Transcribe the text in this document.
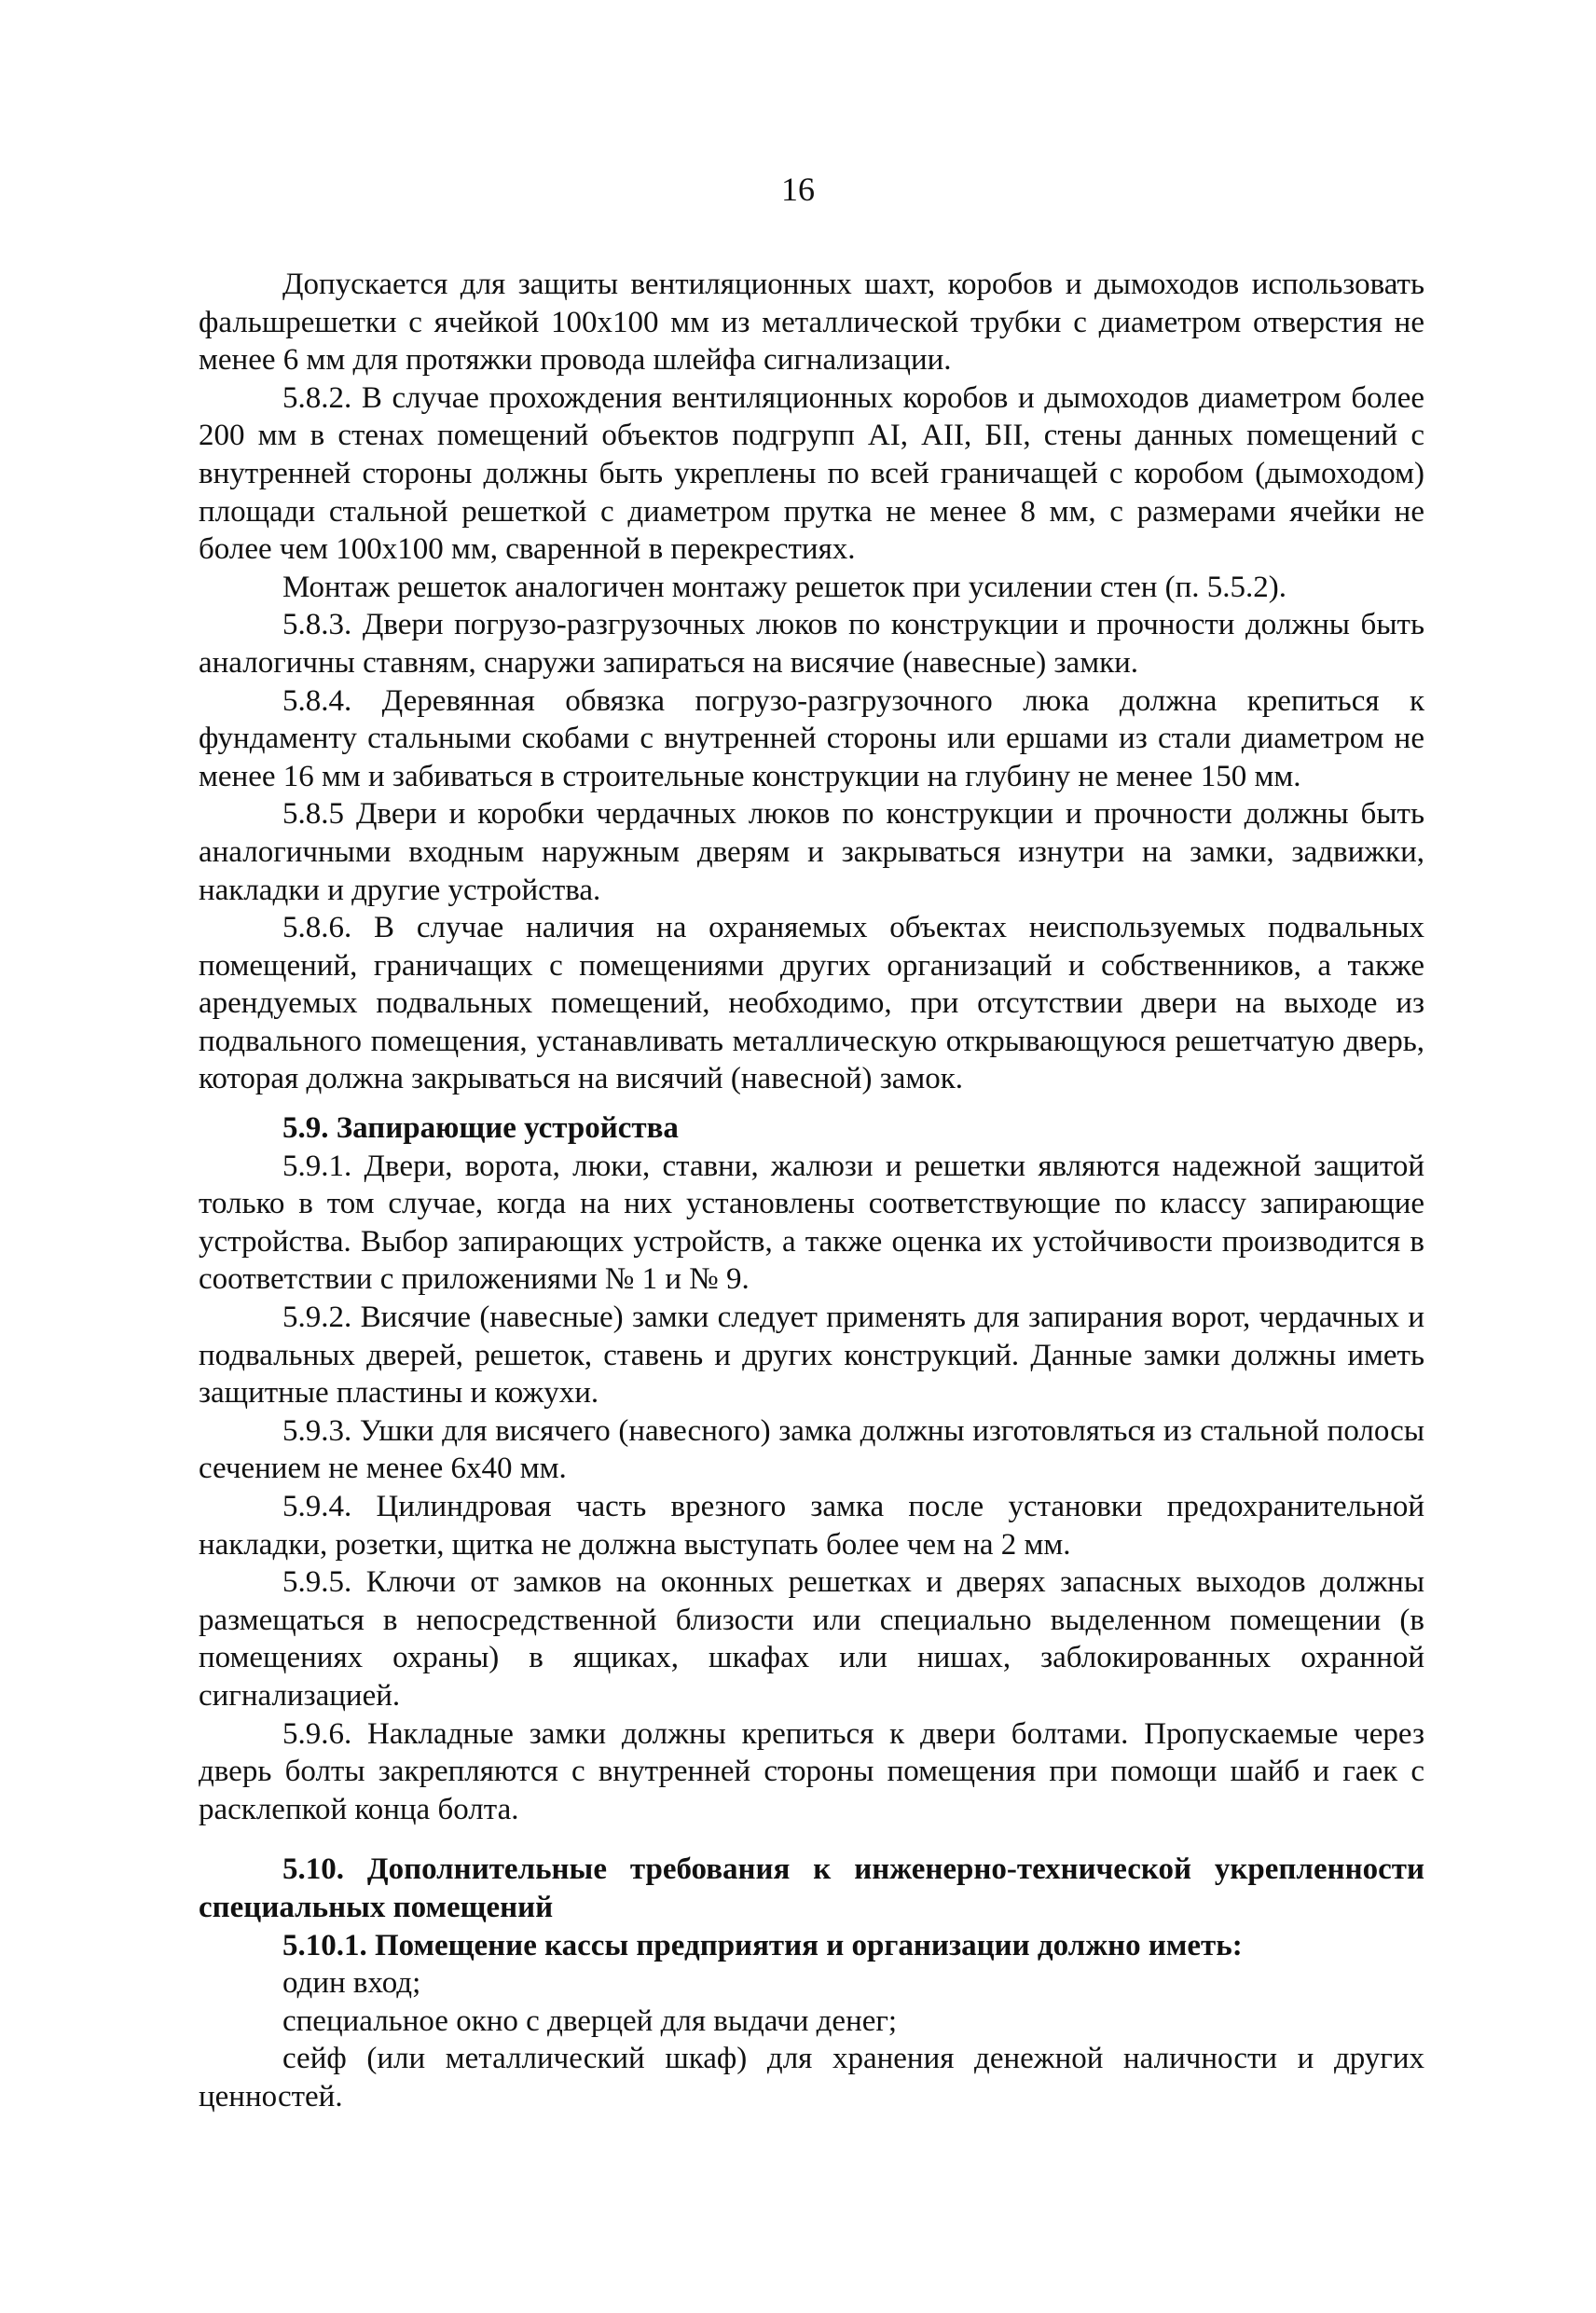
16

Допускается для защиты вентиляционных шахт, коробов и дымоходов использовать фальшрешетки с ячейкой 100х100 мм из металлической трубки с диаметром отверстия не менее 6 мм для протяжки провода шлейфа сигнализации.

5.8.2. В случае прохождения вентиляционных коробов и дымоходов диаметром более 200 мм в стенах помещений объектов подгрупп АI, АII, БII, стены данных помещений с внутренней стороны должны быть укреплены по всей граничащей с коробом (дымоходом) площади стальной решеткой с диаметром прутка не менее 8 мм, с размерами ячейки не более чем 100х100 мм, сваренной в перекрестиях.

Монтаж решеток аналогичен монтажу решеток при усилении стен (п. 5.5.2).

5.8.3. Двери погрузо-разгрузочных люков по конструкции и прочности должны быть аналогичны ставням, снаружи запираться на висячие (навесные) замки.

5.8.4. Деревянная обвязка погрузо-разгрузочного люка должна крепиться к фундаменту стальными скобами с внутренней стороны или ершами из стали диаметром не менее 16 мм и забиваться в строительные конструкции на глубину не менее 150 мм.

5.8.5 Двери и коробки чердачных люков по конструкции и прочности должны быть аналогичными входным наружным дверям и закрываться изнутри на замки, задвижки, накладки и другие устройства.

5.8.6. В случае наличия на охраняемых объектах неиспользуемых подвальных помещений, граничащих с помещениями других организаций и собственников, а также арендуемых подвальных помещений, необходимо, при отсутствии двери на выходе из подвального помещения, устанавливать металлическую открывающуюся решетчатую дверь, которая должна закрываться на висячий (навесной) замок.

5.9. Запирающие устройства

5.9.1. Двери, ворота, люки, ставни, жалюзи и решетки являются надежной защитой только в том случае, когда на них установлены соответствующие по классу запирающие устройства. Выбор запирающих устройств, а также оценка их устойчивости производится в соответствии с приложениями № 1 и № 9.

5.9.2. Висячие (навесные) замки следует применять для запирания ворот, чердачных и подвальных дверей, решеток, ставень и других конструкций. Данные замки должны иметь защитные пластины и кожухи.

5.9.3. Ушки для висячего (навесного) замка должны изготовляться из стальной полосы сечением не менее 6х40 мм.

5.9.4. Цилиндровая часть врезного замка после установки предохранительной накладки, розетки, щитка не должна выступать более чем на 2 мм.

5.9.5. Ключи от замков на оконных решетках и дверях запасных выходов должны размещаться в непосредственной близости или специально выделенном помещении (в помещениях охраны) в ящиках, шкафах или нишах, заблокированных охранной сигнализацией.

5.9.6. Накладные замки должны крепиться к двери болтами. Пропускаемые через дверь болты закрепляются с внутренней стороны помещения при помощи шайб и гаек с расклепкой конца болта.

5.10. Дополнительные требования к инженерно-технической укрепленности специальных помещений
5.10.1. Помещение кассы предприятия и организации должно иметь:

один вход;

специальное окно с дверцей для выдачи денег;

сейф (или металлический шкаф) для хранения денежной наличности и других ценностей.
